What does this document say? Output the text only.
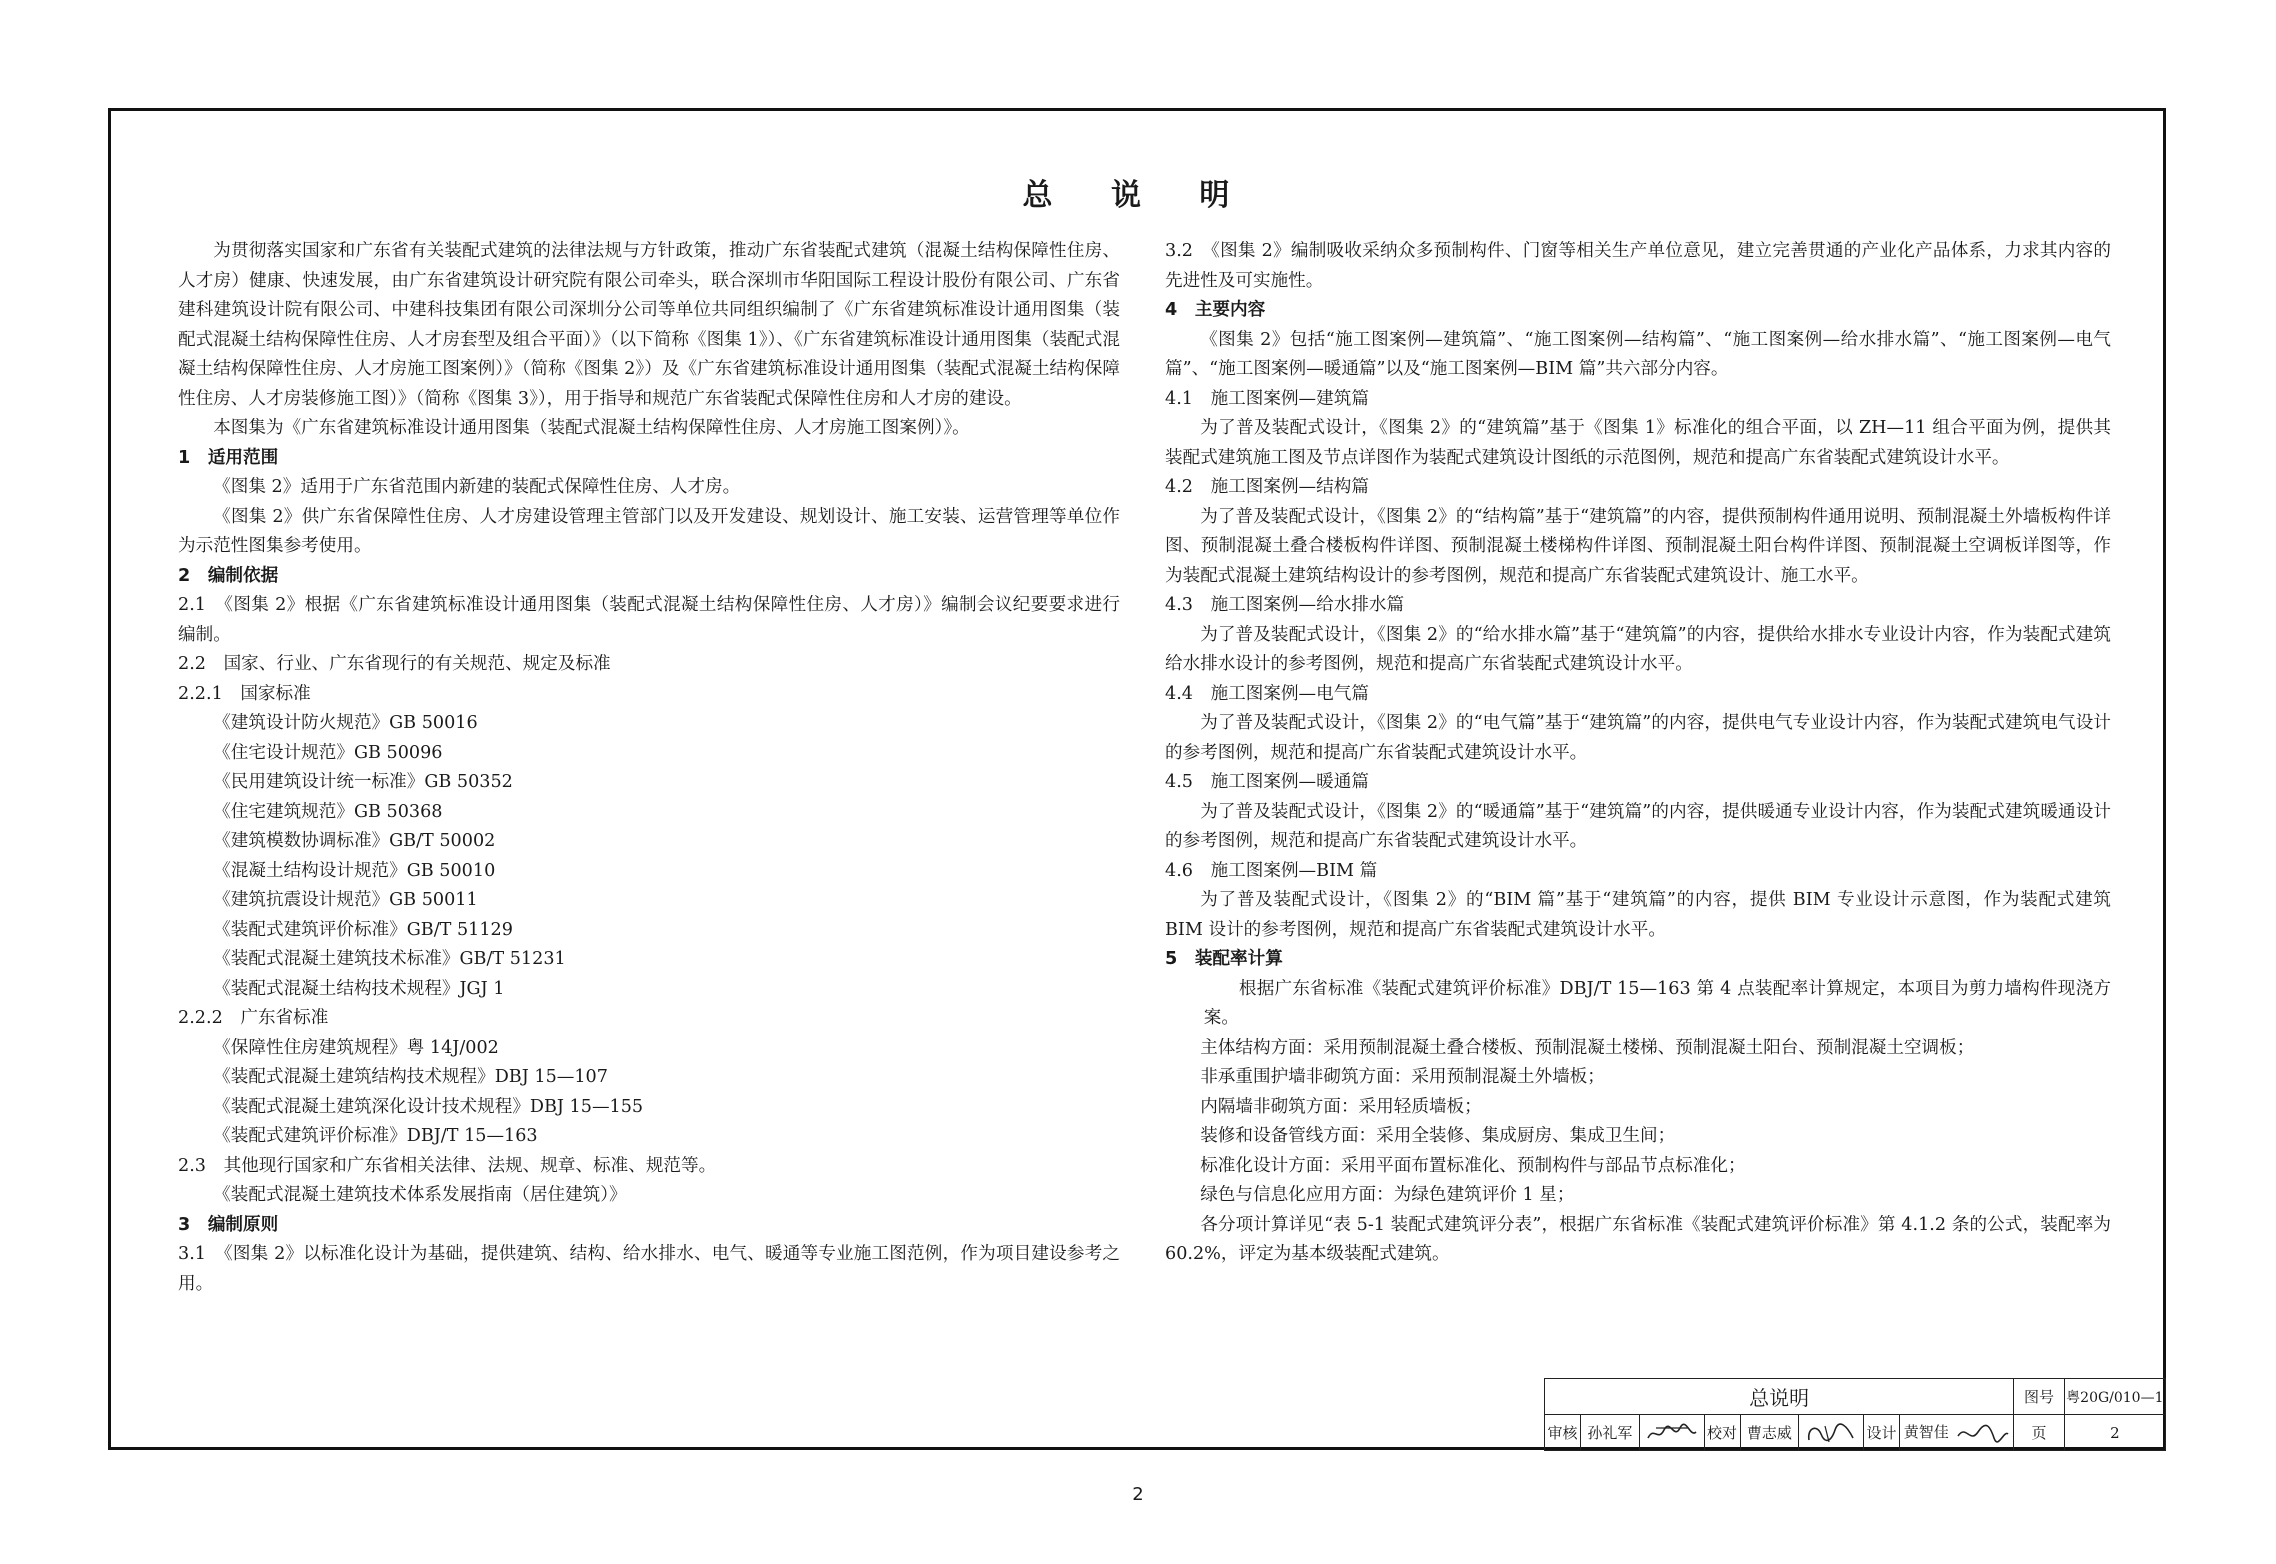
总 说 明

为贯彻落实国家和广东省有关装配式建筑的法律法规与方针政策，推动广东省装配式建筑（混凝土结构保障性住房、人才房）健康、快速发展，由广东省建筑设计研究院有限公司牵头，联合深圳市华阳国际工程设计股份有限公司、广东省建科建筑设计院有限公司、中建科技集团有限公司深圳分公司等单位共同组织编制了《广东省建筑标准设计通用图集（装配式混凝土结构保障性住房、人才房套型及组合平面）》（以下简称《图集 1》）、《广东省建筑标准设计通用图集（装配式混凝土结构保障性住房、人才房施工图案例）》（简称《图集 2》）及《广东省建筑标准设计通用图集（装配式混凝土结构保障性住房、人才房装修施工图）》（简称《图集 3》），用于指导和规范广东省装配式保障性住房和人才房的建设。

本图集为《广东省建筑标准设计通用图集（装配式混凝土结构保障性住房、人才房施工图案例）》。

1　适用范围

《图集 2》适用于广东省范围内新建的装配式保障性住房、人才房。

《图集 2》供广东省保障性住房、人才房建设管理主管部门以及开发建设、规划设计、施工安装、运营管理等单位作为示范性图集参考使用。

2　编制依据

2.1　《图集 2》根据《广东省建筑标准设计通用图集（装配式混凝土结构保障性住房、人才房）》编制会议纪要要求进行编制。

2.2　国家、行业、广东省现行的有关规范、规定及标准

2.2.1　国家标准

《建筑设计防火规范》GB 50016

《住宅设计规范》GB 50096

《民用建筑设计统一标准》GB 50352

《住宅建筑规范》GB 50368

《建筑模数协调标准》GB/T 50002

《混凝土结构设计规范》GB 50010

《建筑抗震设计规范》GB 50011

《装配式建筑评价标准》GB/T 51129

《装配式混凝土建筑技术标准》GB/T 51231

《装配式混凝土结构技术规程》JGJ 1

2.2.2　广东省标准

《保障性住房建筑规程》粤 14J/002

《装配式混凝土建筑结构技术规程》DBJ 15—107

《装配式混凝土建筑深化设计技术规程》DBJ 15—155

《装配式建筑评价标准》DBJ/T 15—163

2.3　其他现行国家和广东省相关法律、法规、规章、标准、规范等。

《装配式混凝土建筑技术体系发展指南（居住建筑）》

3　编制原则

3.1　《图集 2》以标准化设计为基础，提供建筑、结构、给水排水、电气、暖通等专业施工图范例，作为项目建设参考之用。

3.2　《图集 2》编制吸收采纳众多预制构件、门窗等相关生产单位意见，建立完善贯通的产业化产品体系，力求其内容的先进性及可实施性。

4　主要内容

《图集 2》包括“施工图案例—建筑篇”、“施工图案例—结构篇”、“施工图案例—给水排水篇”、“施工图案例—电气篇”、“施工图案例—暖通篇”以及“施工图案例—BIM 篇”共六部分内容。

4.1　施工图案例—建筑篇

为了普及装配式设计，《图集 2》的“建筑篇”基于《图集 1》标准化的组合平面，以 ZH—11 组合平面为例，提供其装配式建筑施工图及节点详图作为装配式建筑设计图纸的示范图例，规范和提高广东省装配式建筑设计水平。

4.2　施工图案例—结构篇

为了普及装配式设计，《图集 2》的“结构篇”基于“建筑篇”的内容，提供预制构件通用说明、预制混凝土外墙板构件详图、预制混凝土叠合楼板构件详图、预制混凝土楼梯构件详图、预制混凝土阳台构件详图、预制混凝土空调板详图等，作为装配式混凝土建筑结构设计的参考图例，规范和提高广东省装配式建筑设计、施工水平。

4.3　施工图案例—给水排水篇

为了普及装配式设计，《图集 2》的“给水排水篇”基于“建筑篇”的内容，提供给水排水专业设计内容，作为装配式建筑给水排水设计的参考图例，规范和提高广东省装配式建筑设计水平。

4.4　施工图案例—电气篇

为了普及装配式设计，《图集 2》的“电气篇”基于“建筑篇”的内容，提供电气专业设计内容，作为装配式建筑电气设计的参考图例，规范和提高广东省装配式建筑设计水平。

4.5　施工图案例—暖通篇

为了普及装配式设计，《图集 2》的“暖通篇”基于“建筑篇”的内容，提供暖通专业设计内容，作为装配式建筑暖通设计的参考图例，规范和提高广东省装配式建筑设计水平。

4.6　施工图案例—BIM 篇

为了普及装配式设计，《图集 2》的“BIM 篇”基于“建筑篇”的内容，提供 BIM 专业设计示意图，作为装配式建筑 BIM 设计的参考图例，规范和提高广东省装配式建筑设计水平。

5　装配率计算

根据广东省标准《装配式建筑评价标准》DBJ/T 15—163 第 4 点装配率计算规定，本项目为剪力墙构件现浇方案。

主体结构方面：采用预制混凝土叠合楼板、预制混凝土楼梯、预制混凝土阳台、预制混凝土空调板；

非承重围护墙非砌筑方面：采用预制混凝土外墙板；

内隔墙非砌筑方面：采用轻质墙板；

装修和设备管线方面：采用全装修、集成厨房、集成卫生间；

标准化设计方面：采用平面布置标准化、预制构件与部品节点标准化；

绿色与信息化应用方面：为绿色建筑评价 1 星；

各分项计算详见“表 5-1 装配式建筑评分表”，根据广东省标准《装配式建筑评价标准》第 4.1.2 条的公式，装配率为 60.2%，评定为基本级装配式建筑。

总说明								图号	粤20G/010—1
审核	孙礼军		校对	曹志威		设计	黄智佳	页	2
2
